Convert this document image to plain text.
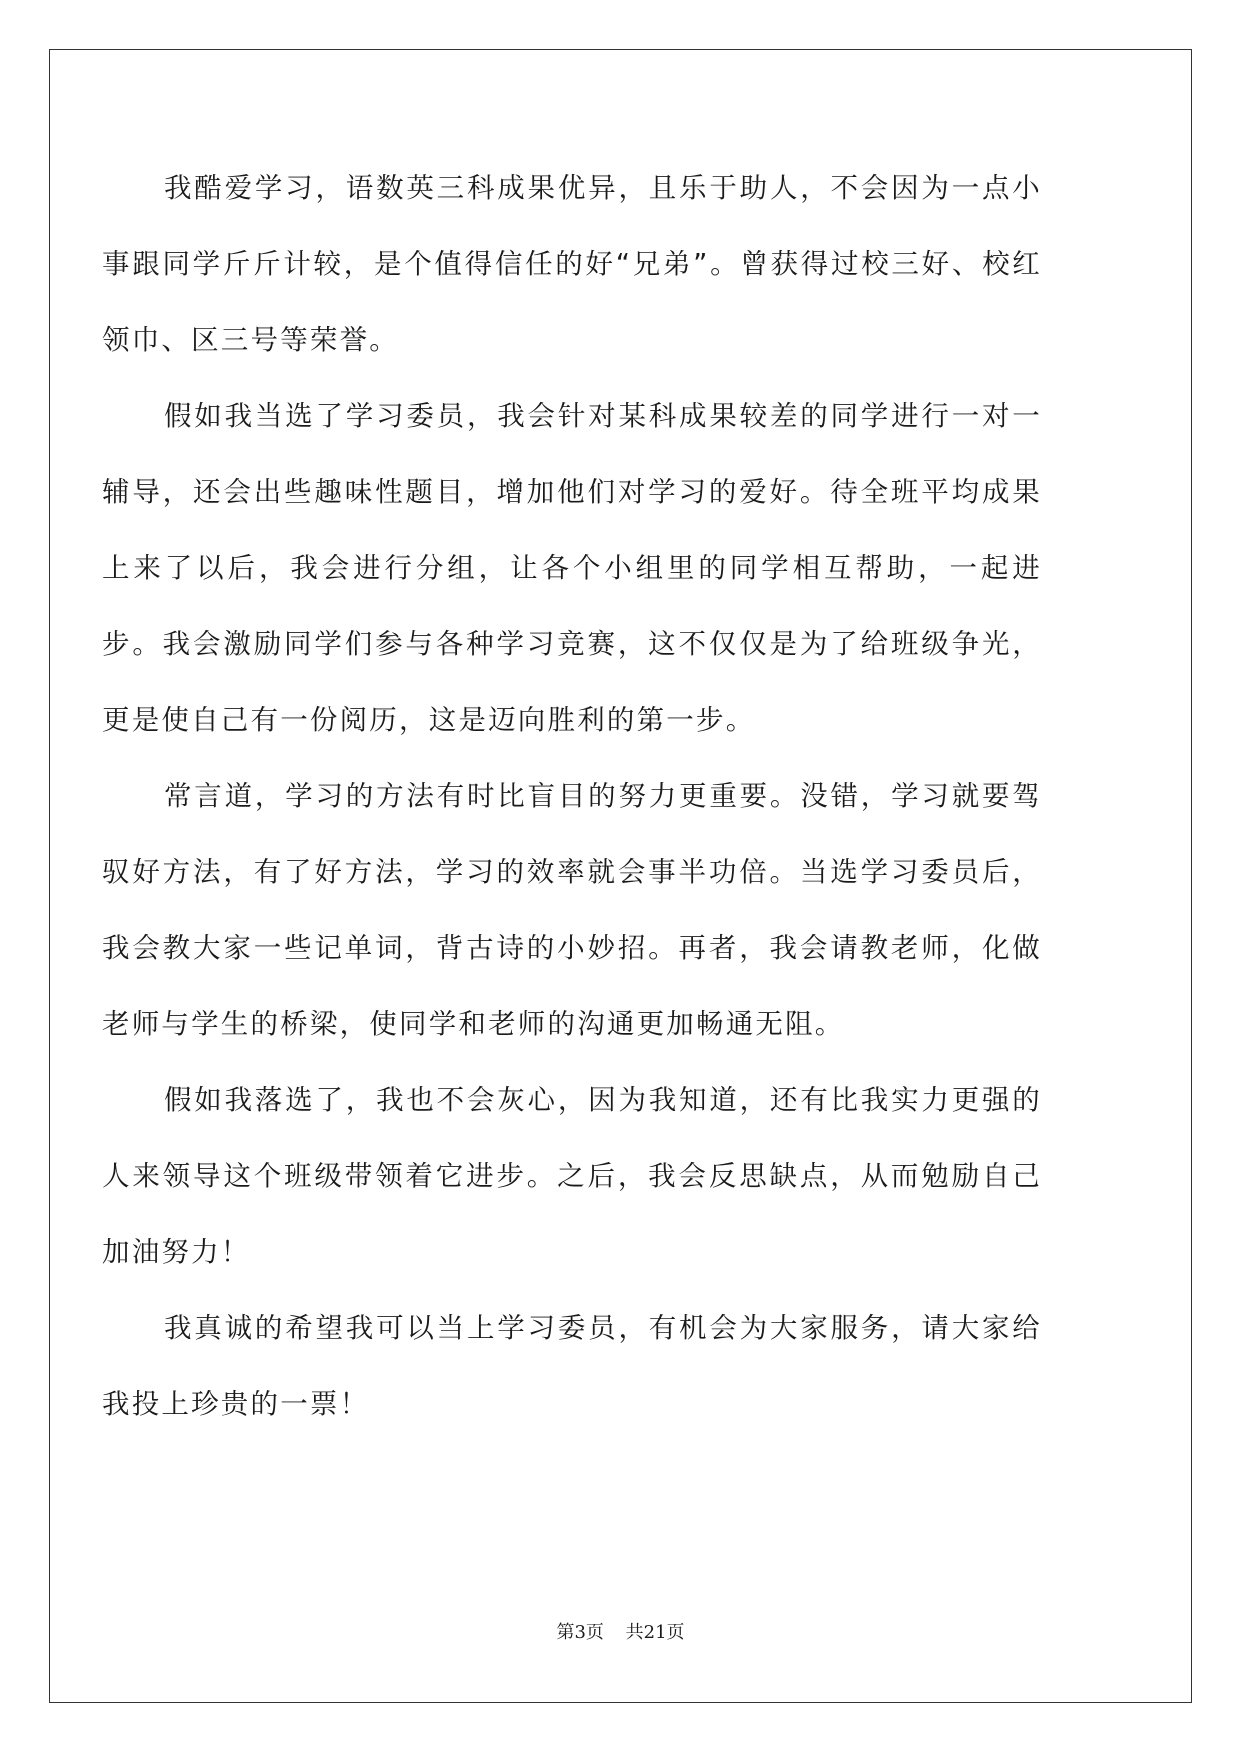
我酷爱学习，语数英三科成果优异，且乐于助人，不会因为一点小事跟同学斤斤计较，是个值得信任的好“兄弟”。曾获得过校三好、校红领巾、区三号等荣誉。

假如我当选了学习委员，我会针对某科成果较差的同学进行一对一辅导，还会出些趣味性题目，增加他们对学习的爱好。待全班平均成果上来了以后，我会进行分组，让各个小组里的同学相互帮助，一起进步。我会激励同学们参与各种学习竞赛，这不仅仅是为了给班级争光，更是使自己有一份阅历，这是迈向胜利的第一步。

常言道，学习的方法有时比盲目的努力更重要。没错，学习就要驾驭好方法，有了好方法，学习的效率就会事半功倍。当选学习委员后，我会教大家一些记单词，背古诗的小妙招。再者，我会请教老师，化做老师与学生的桥梁，使同学和老师的沟通更加畅通无阻。

假如我落选了，我也不会灰心，因为我知道，还有比我实力更强的人来领导这个班级带领着它进步。之后，我会反思缺点，从而勉励自己加油努力！

我真诚的希望我可以当上学习委员，有机会为大家服务，请大家给我投上珍贵的一票！

第3页 共21页
